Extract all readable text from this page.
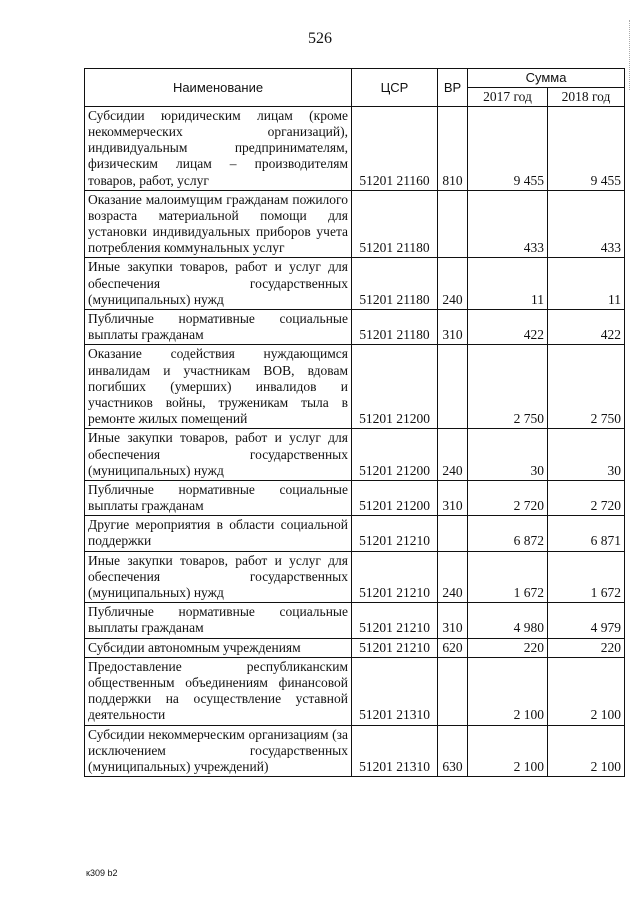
526
Наименование	ЦСР	ВР	Сумма	
			2017 год	2018 год
Субсидии юридическим лицам (кроме некоммерческих организаций), индивидуальным предпринимателям, физическим лицам – производителям товаров, работ, услуг	51201 21160	810	9 455	9 455
Оказание малоимущим гражданам пожилого возраста материальной помощи для установки индивидуальных приборов учета потребления коммунальных услуг	51201 21180		433	433
Иные закупки товаров, работ и услуг для обеспечения государственных (муниципальных) нужд	51201 21180	240	11	11
Публичные нормативные социальные выплаты гражданам	51201 21180	310	422	422
Оказание содействия нуждающимся инвалидам и участникам ВОВ, вдовам погибших (умерших) инвалидов и участников войны, труженикам тыла в ремонте жилых помещений	51201 21200		2 750	2 750
Иные закупки товаров, работ и услуг для обеспечения государственных (муниципальных) нужд	51201 21200	240	30	30
Публичные нормативные социальные выплаты гражданам	51201 21200	310	2 720	2 720
Другие мероприятия в области социальной поддержки	51201 21210		6 872	6 871
Иные закупки товаров, работ и услуг для обеспечения государственных (муниципальных) нужд	51201 21210	240	1 672	1 672
Публичные нормативные социальные выплаты гражданам	51201 21210	310	4 980	4 979
Субсидии автономным учреждениям	51201 21210	620	220	220
Предоставление республиканским общественным объединениям финансовой поддержки на осуществление уставной деятельности	51201 21310		2 100	2 100
Субсидии некоммерческим организациям (за исключением государственных (муниципальных) учреждений)	51201 21310	630	2 100	2 100
к309 b2
